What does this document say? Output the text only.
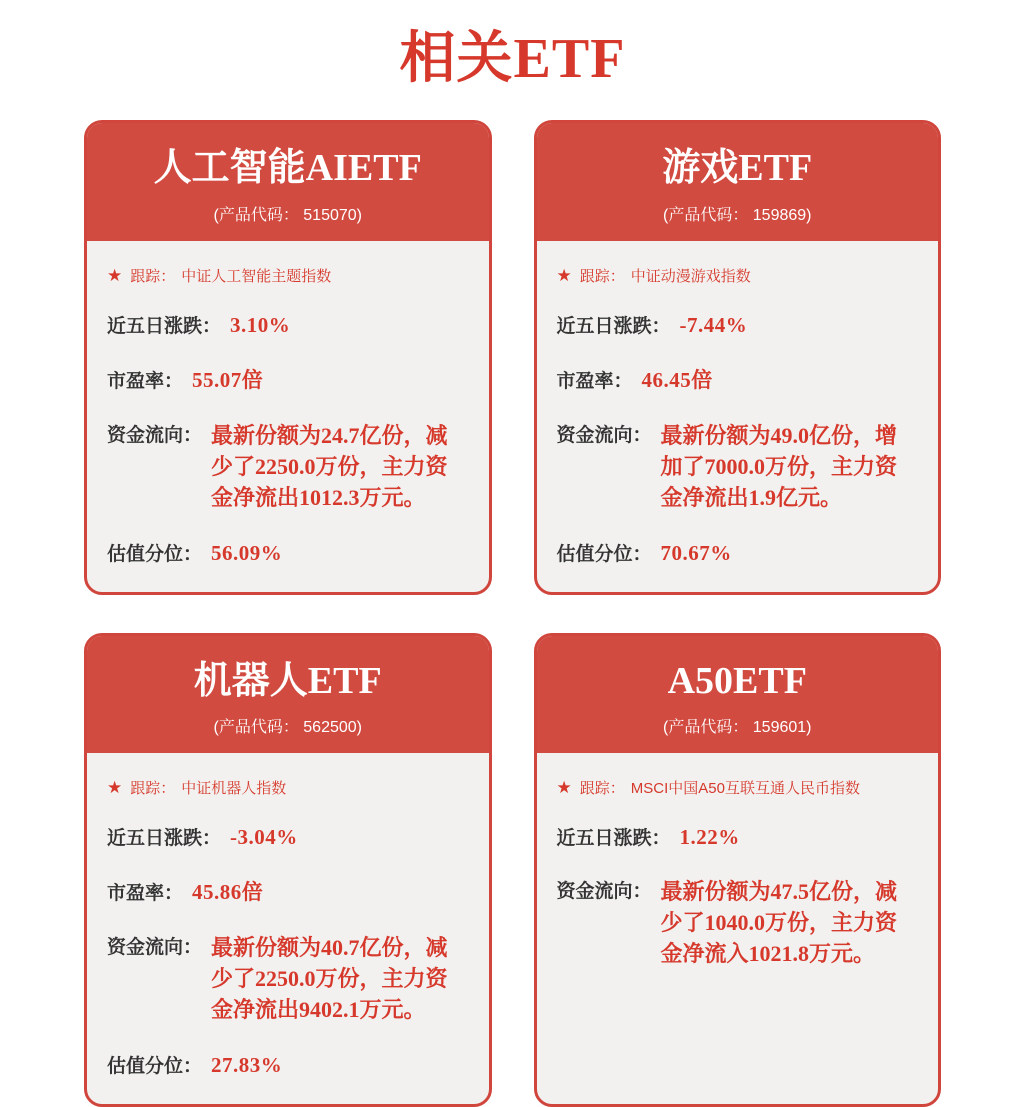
相关ETF
人工智能AIETF
(产品代码： 515070)
★ 跟踪： 中证人工智能主题指数
近五日涨跌： 3.10%
市盈率： 55.07倍
资金流向： 最新份额为24.7亿份，减少了2250.0万份，主力资金净流出1012.3万元。
估值分位： 56.09%
游戏ETF
(产品代码： 159869)
★ 跟踪： 中证动漫游戏指数
近五日涨跌： -7.44%
市盈率： 46.45倍
资金流向： 最新份额为49.0亿份，增加了7000.0万份，主力资金净流出1.9亿元。
估值分位： 70.67%
机器人ETF
(产品代码： 562500)
★ 跟踪： 中证机器人指数
近五日涨跌： -3.04%
市盈率： 45.86倍
资金流向： 最新份额为40.7亿份，减少了2250.0万份，主力资金净流出9402.1万元。
估值分位： 27.83%
A50ETF
(产品代码： 159601)
★ 跟踪： MSCI中国A50互联互通人民币指数
近五日涨跌： 1.22%
资金流向： 最新份额为47.5亿份，减少了1040.0万份，主力资金净流入1021.8万元。
